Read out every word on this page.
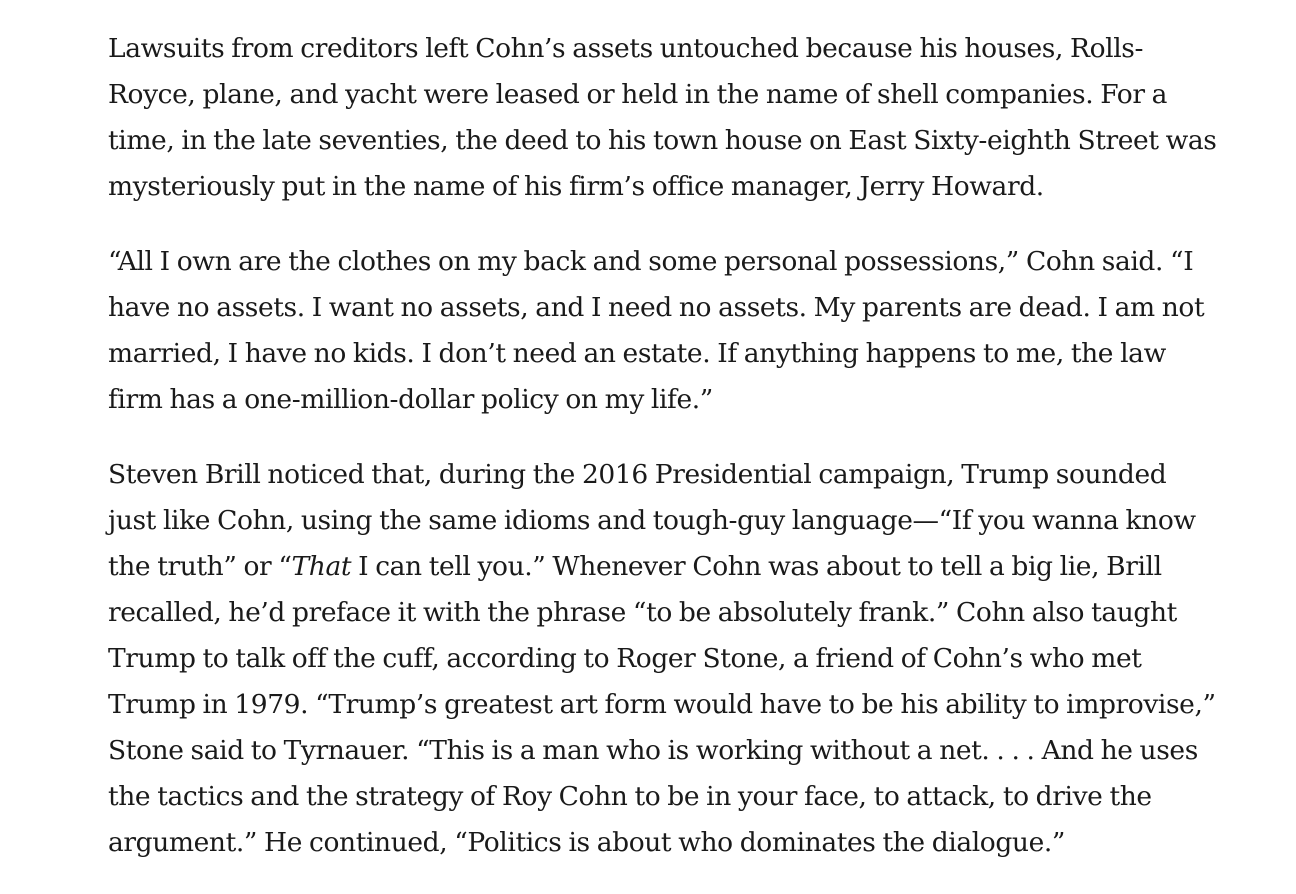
Lawsuits from creditors left Cohn’s assets untouched because his houses, Rolls-
Royce, plane, and yacht were leased or held in the name of shell companies. For a
time, in the late seventies, the deed to his town house on East Sixty-eighth Street was
mysteriously put in the name of his firm’s office manager, Jerry Howard.

“All I own are the clothes on my back and some personal possessions,” Cohn said. “I
have no assets. I want no assets, and I need no assets. My parents are dead. I am not
married, I have no kids. I don’t need an estate. If anything happens to me, the law
firm has a one-million-dollar policy on my life.”

Steven Brill noticed that, during the 2016 Presidential campaign, Trump sounded
just like Cohn, using the same idioms and tough-guy language—“If you wanna know
the truth” or “That I can tell you.” Whenever Cohn was about to tell a big lie, Brill
recalled, he’d preface it with the phrase “to be absolutely frank.” Cohn also taught
Trump to talk off the cuff, according to Roger Stone, a friend of Cohn’s who met
Trump in 1979. “Trump’s greatest art form would have to be his ability to improvise,”
Stone said to Tyrnauer. “This is a man who is working without a net. . . . And he uses
the tactics and the strategy of Roy Cohn to be in your face, to attack, to drive the
argument.” He continued, “Politics is about who dominates the dialogue.”
